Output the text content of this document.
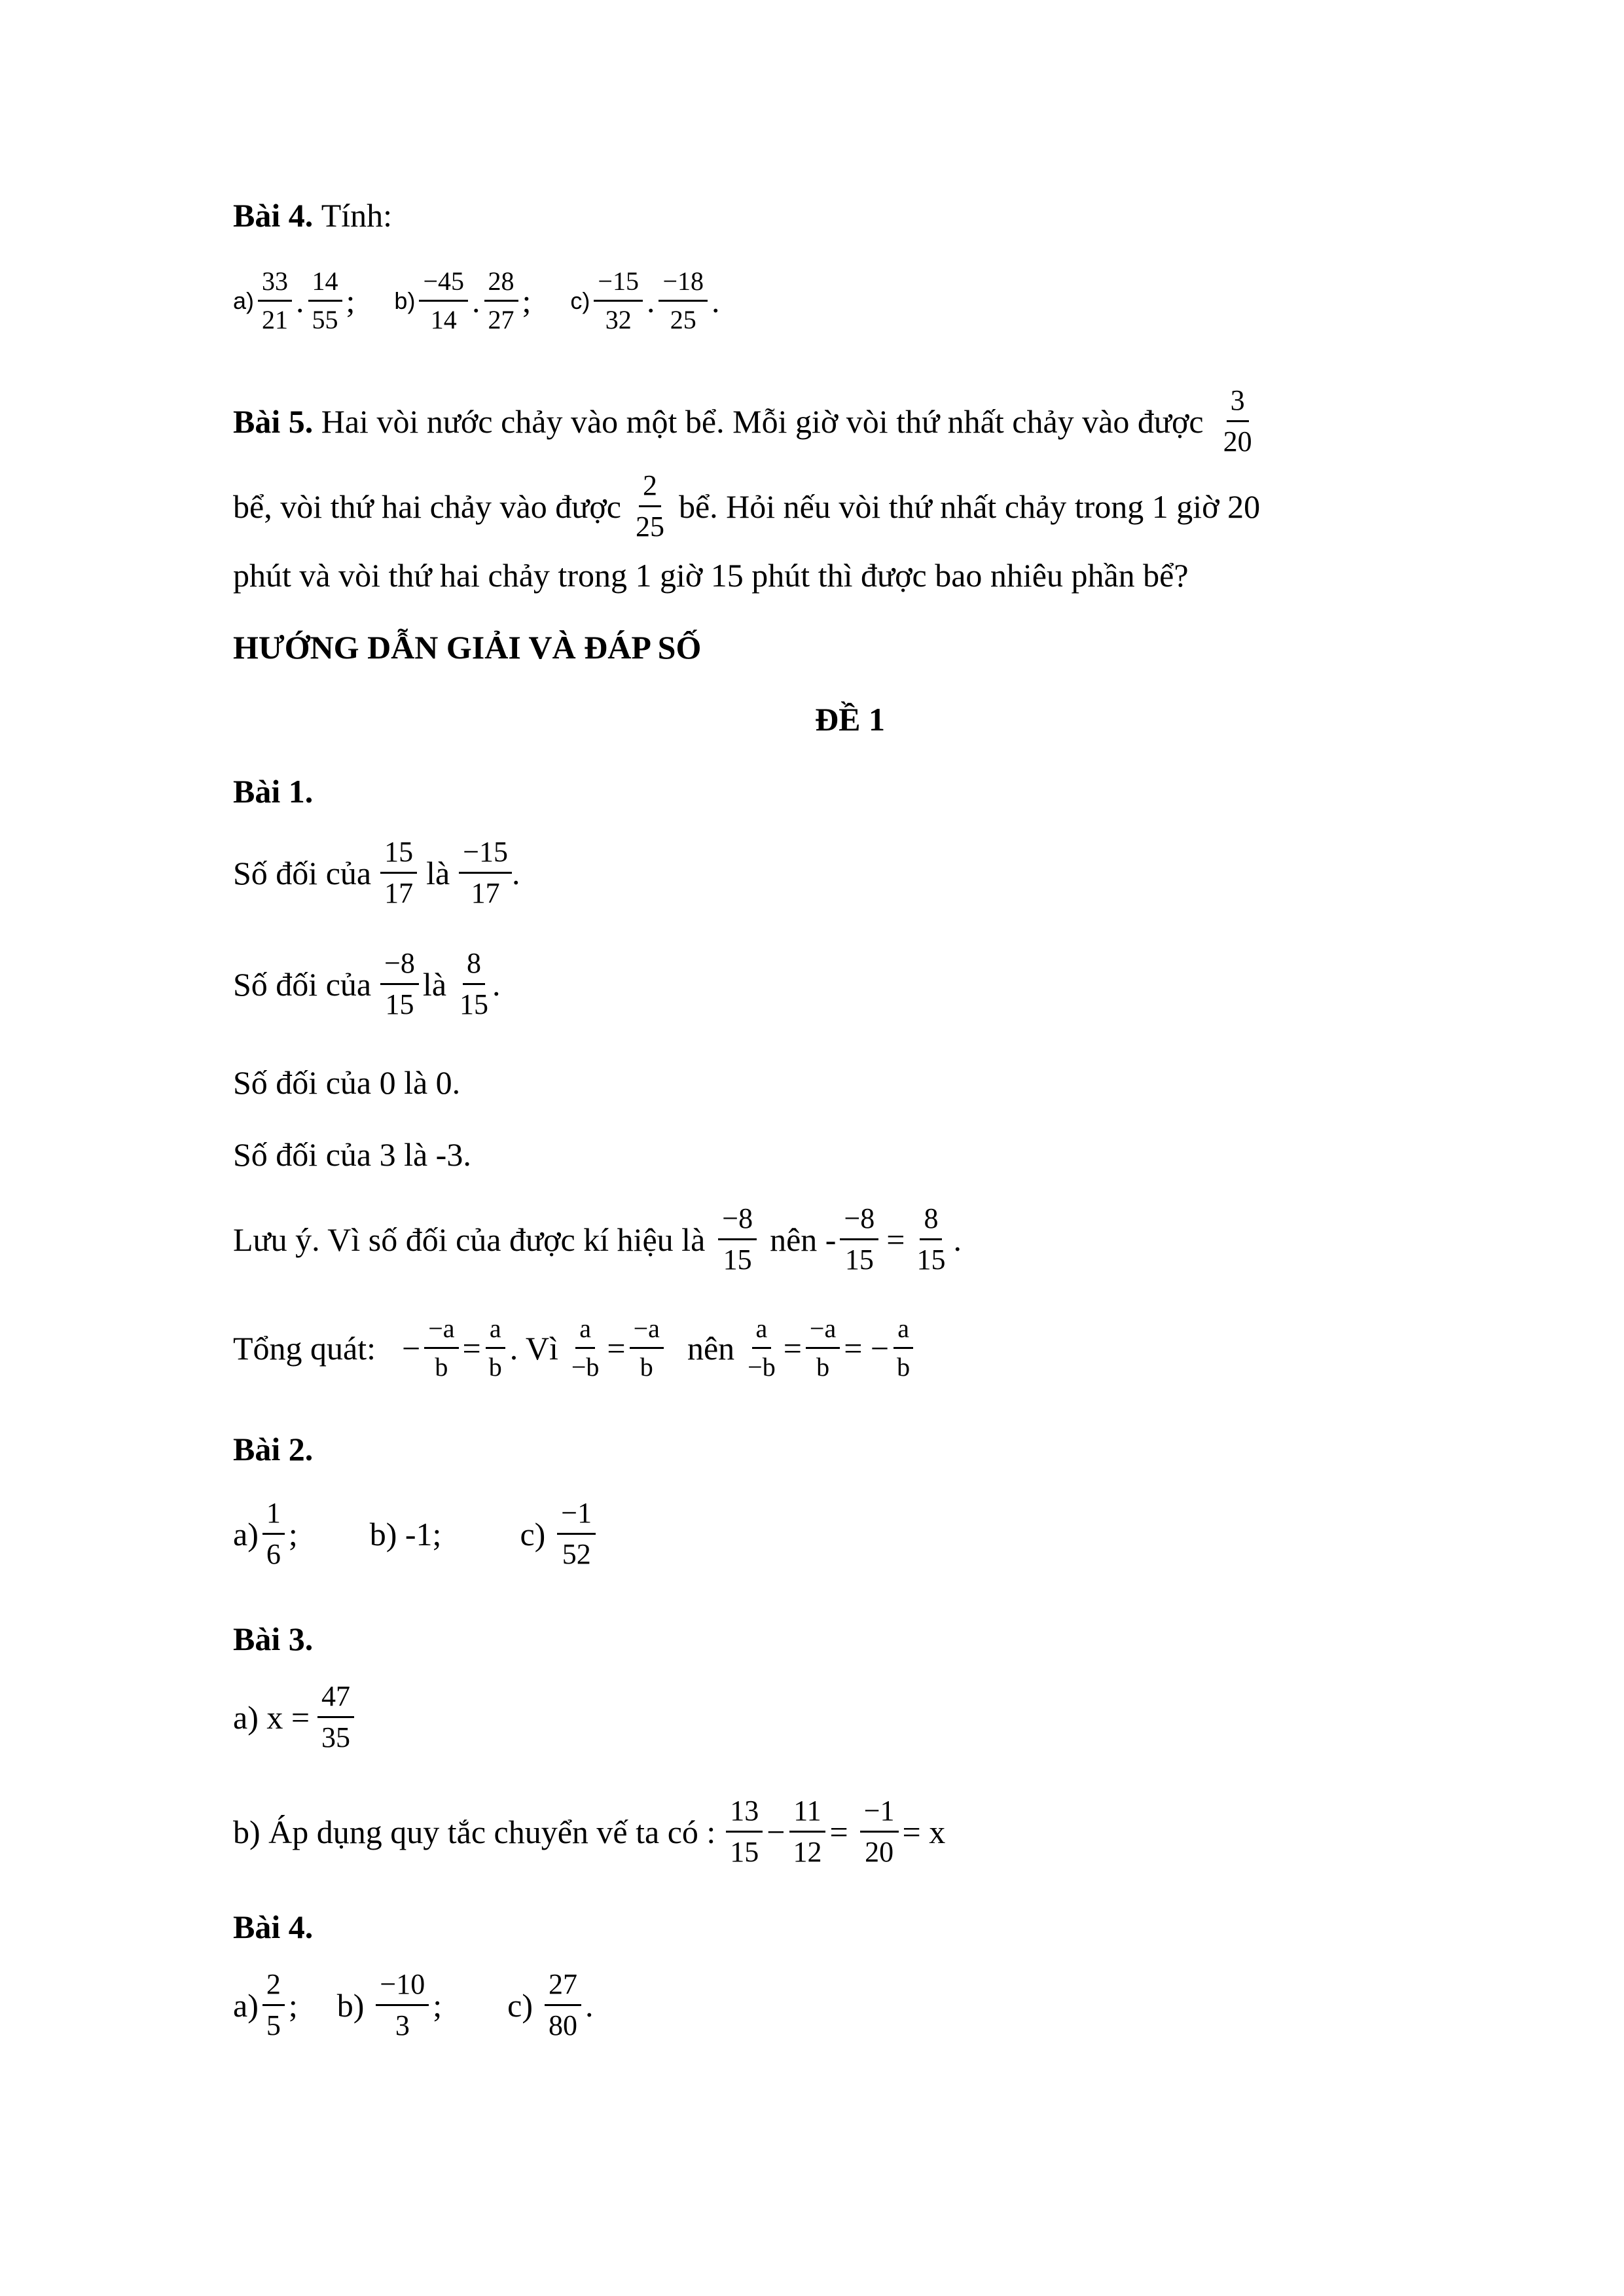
Bài 4.
Tính:
$a) \frac{33}{21}$ . $\frac{14}{55}$ ; $b) \frac{-45}{14}$ . $\frac{28}{27}$ ; $c) \frac{-15}{32}$ . $\frac{-18}{25}$ .
Bài 5.
Hai vòi nước chảy vào một bể. Mỗi giờ vòi thứ nhất chảy vào được $\frac{3}{20}$
bể, vòi thứ hai chảy vào được $\frac{2}{25}$ bể. Hỏi nếu vòi thứ nhất chảy trong 1 giờ 20
phút và vòi thứ hai chảy trong 1 giờ 15 phút thì được bao nhiêu phần bể?
HƯỚNG DẪN GIẢI VÀ ĐÁP SỐ
ĐỀ 1
Bài 1.
Số đối của $\frac{15}{17}$ là $\frac{-15}{17}$ .
Số đối của $\frac{-8}{15}$ là $\frac{8}{15}$ .
Số đối của 0 là 0.
Số đối của 3 là -3.
Lưu ý. Vì số đối của được kí hiệu là $\frac{-8}{15}$ nên - $\frac{-8}{15} = \frac{8}{15}$ .
Tổng quát: − $\frac{-a}{b} = \frac{a}{b}$ . Vì $\frac{a}{-b} = \frac{-a}{b}$ nên $\frac{a}{-b} = \frac{-a}{b}$ = − $\frac{a}{b}$
Bài 2.
$a) \frac{1}{6}$ ; b) -1; $c) \frac{-1}{52}$
Bài 3.
a) $x = \frac{47}{35}$
b) Áp dụng quy tắc chuyển vế ta có : $\frac{13}{15} - \frac{11}{12} = \frac{-1}{20} = x$
Bài 4.
$a) \frac{2}{5}$ ; $b) \frac{-10}{3}$ ; $c) \frac{27}{80}$ .
